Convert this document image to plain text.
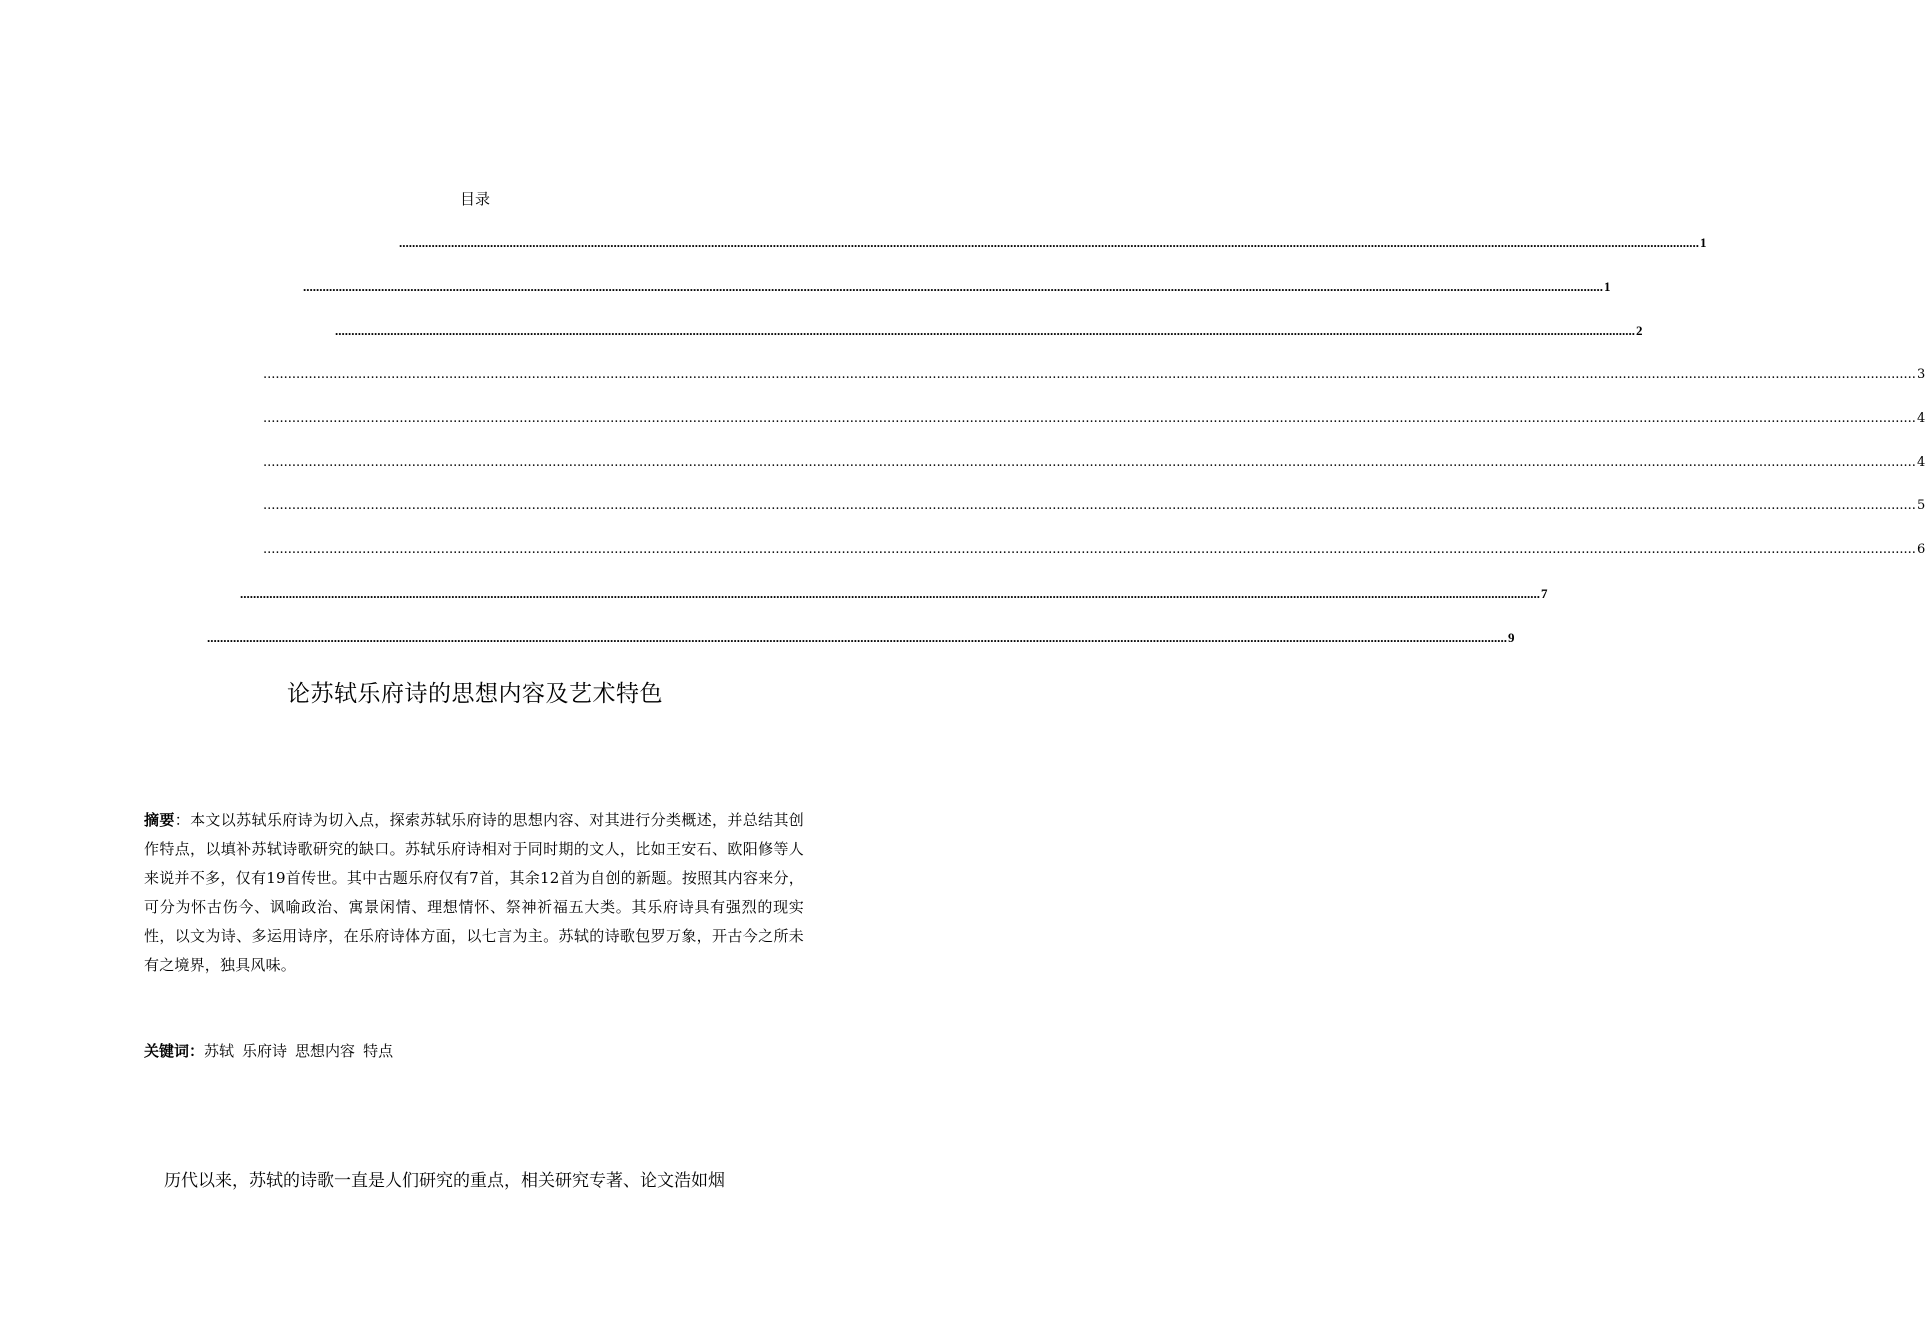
目录
................................................................................................................................................................................................................................................................................................................................................................................................................ 1
................................................................................................................................................................................................................................................................................................................................................................................................................ 1
................................................................................................................................................................................................................................................................................................................................................................................................................ 2
................................................................................................................................................................................................................................................................................................................................................................................................................ 3
................................................................................................................................................................................................................................................................................................................................................................................................................ 4
................................................................................................................................................................................................................................................................................................................................................................................................................ 4
................................................................................................................................................................................................................................................................................................................................................................................................................ 5
................................................................................................................................................................................................................................................................................................................................................................................................................ 6
................................................................................................................................................................................................................................................................................................................................................................................................................ 7
................................................................................................................................................................................................................................................................................................................................................................................................................ 9
论苏轼乐府诗的思想内容及艺术特色
摘要：本文以苏轼乐府诗为切入点，探索苏轼乐府诗的思想内容、对其进行分类概述，并总结其创作特点，以填补苏轼诗歌研究的缺口。苏轼乐府诗相对于同时期的文人，比如王安石、欧阳修等人来说并不多，仅有19首传世。其中古题乐府仅有7首，其余12首为自创的新题。按照其内容来分，可分为怀古伤今、讽喻政治、寓景闲情、理想情怀、祭神祈福五大类。其乐府诗具有强烈的现实性，以文为诗、多运用诗序，在乐府诗体方面，以七言为主。苏轼的诗歌包罗万象，开古今之所未有之境界，独具风味。
关键词：苏轼 乐府诗 思想内容 特点
历代以来，苏轼的诗歌一直是人们研究的重点，相关研究专著、论文浩如烟
